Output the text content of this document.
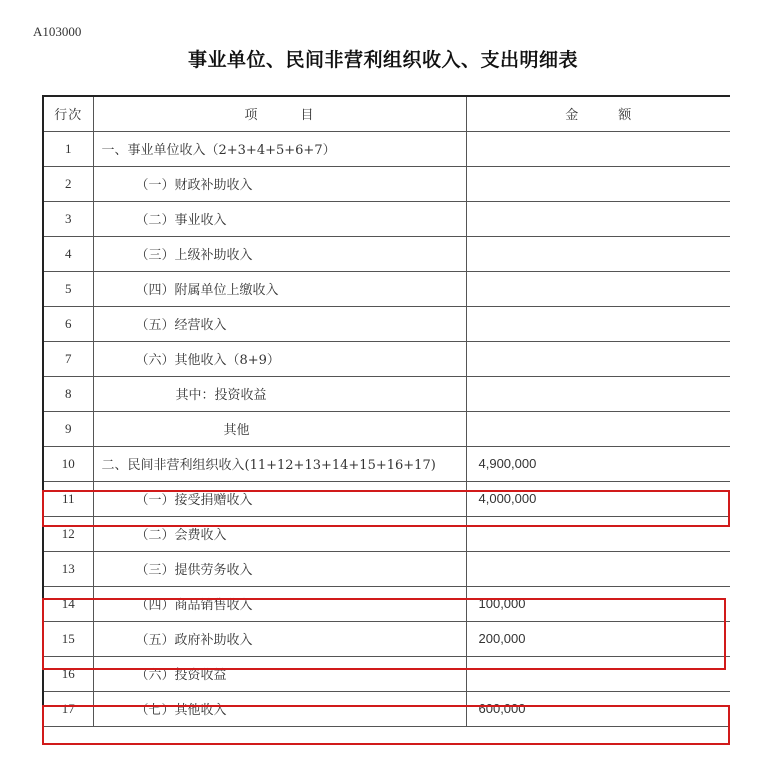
A103000
事业单位、民间非营利组织收入、支出明细表
行次	项　　　目	金 额
1	一、事业单位收入（2+3+4+5+6+7）	
2	（一）财政补助收入	
3	（二）事业收入	
4	（三）上级补助收入	
5	（四）附属单位上缴收入	
6	（五）经营收入	
7	（六）其他收入（8+9）	
8	其中：投资收益	
9	其他	
10	二、民间非营利组织收入(11+12+13+14+15+16+17)	4,900,000
11	（一）接受捐赠收入	4,000,000
12	（二）会费收入	
13	（三）提供劳务收入	
14	（四）商品销售收入	100,000
15	（五）政府补助收入	200,000
16	（六）投资收益	
17	（七）其他收入	600,000
